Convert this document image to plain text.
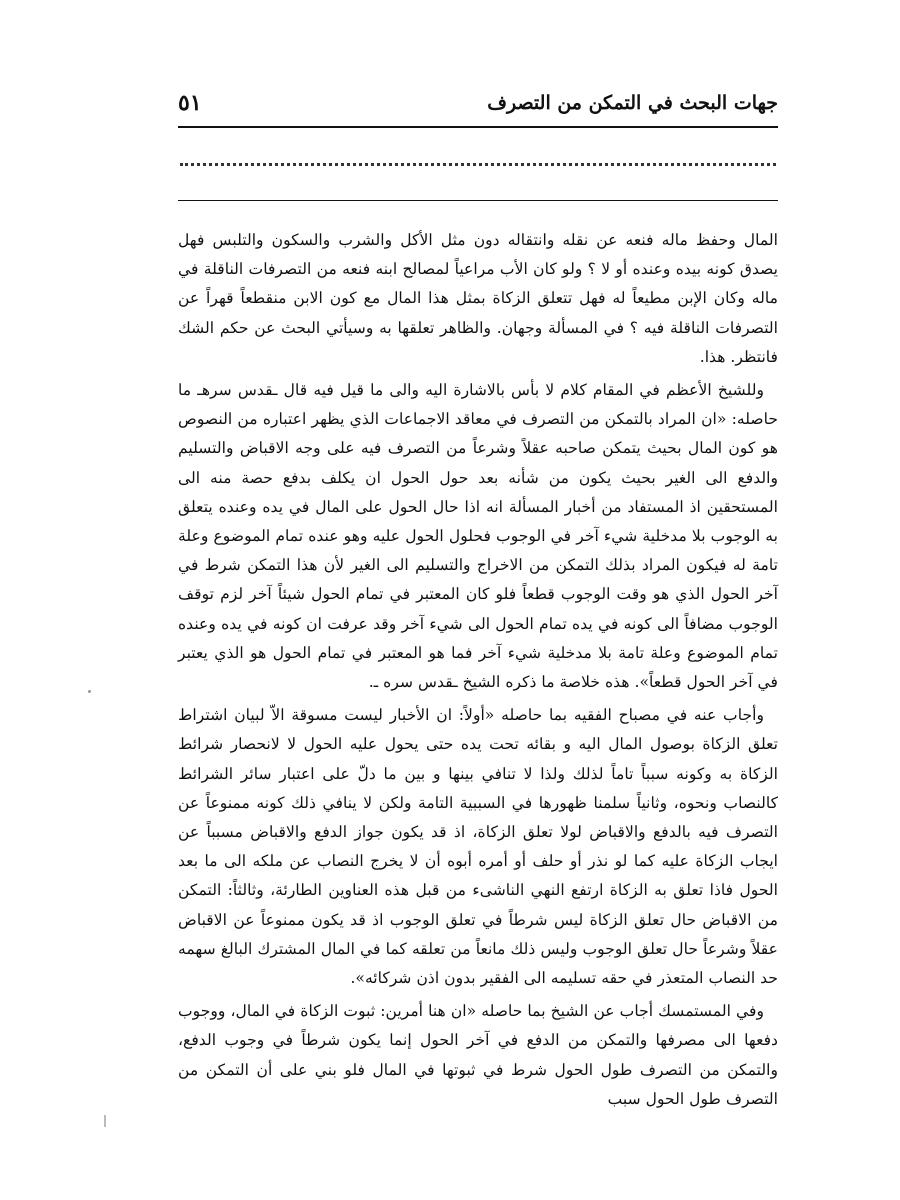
جهات البحث في التمكن من التصرف
٥١

المال وحفظ ماله فنعه عن نقله وانتقاله دون مثل الأكل والشرب والسكون والتلبس فهل يصدق كونه بيده وعنده أو لا ؟ ولو كان الأب مراعياً لمصالح ابنه فنعه من التصرفات الناقلة في ماله وكان الإبن مطيعاً له فهل تتعلق الزكاة بمثل هذا المال مع كون الابن منقطعاً قهراً عن التصرفات الناقلة فيه ؟ في المسألة وجهان. والظاهر تعلقها به وسيأتي البحث عن حكم الشك فانتظر. هذا.

وللشيخ الأعظم في المقام كلام لا بأس بالاشارة اليه والى ما قيل فيه قال ـقدس سرهـ ما حاصله: «ان المراد بالتمكن من التصرف في معاقد الاجماعات الذي يظهر اعتباره من النصوص هو كون المال بحيث يتمكن صاحبه عقلاً وشرعاً من التصرف فيه على وجه الاقباض والتسليم والدفع الى الغير بحيث يكون من شأنه بعد حول الحول ان يكلف بدفع حصة منه الى المستحقين اذ المستفاد من أخبار المسألة انه اذا حال الحول على المال في يده وعنده يتعلق به الوجوب بلا مدخلية شيء آخر في الوجوب فحلول الحول عليه وهو عنده تمام الموضوع وعلة تامة له فيكون المراد بذلك التمكن من الاخراج والتسليم الى الغير لأن هذا التمكن شرط في آخر الحول الذي هو وقت الوجوب قطعاً فلو كان المعتبر في تمام الحول شيئاً آخر لزم توقف الوجوب مضافاً الى كونه في يده تمام الحول الى شيء آخر وقد عرفت ان كونه في يده وعنده تمام الموضوع وعلة تامة بلا مدخلية شيء آخر فما هو المعتبر في تمام الحول هو الذي يعتبر في آخر الحول قطعاً». هذه خلاصة ما ذكره الشيخ ـقدس سره ـ.

وأجاب عنه في مصباح الفقيه بما حاصله «أولاً: ان الأخبار ليست مسوقة الاّ لبيان اشتراط تعلق الزكاة بوصول المال اليه و بقائه تحت يده حتى يحول عليه الحول لا لانحصار شرائط الزكاة به وكونه سبباً تاماً لذلك ولذا لا تنافي بينها و بين ما دلّ على اعتبار سائر الشرائط كالنصاب ونحوه، وثانياً سلمنا ظهورها في السببية التامة ولكن لا ينافي ذلك كونه ممنوعاً عن التصرف فيه بالدفع والاقباض لولا تعلق الزكاة، اذ قد يكون جواز الدفع والاقباض مسبباً عن ايجاب الزكاة عليه كما لو نذر أو حلف أو أمره أبوه أن لا يخرج النصاب عن ملكه الى ما بعد الحول فاذا تعلق به الزكاة ارتفع النهي الناشىء من قبل هذه العناوين الطارئة، وثالثاً: التمكن من الاقباض حال تعلق الزكاة ليس شرطاً في تعلق الوجوب اذ قد يكون ممنوعاً عن الاقباض عقلاً وشرعاً حال تعلق الوجوب وليس ذلك مانعاً من تعلقه كما في المال المشترك البالغ سهمه حد النصاب المتعذر في حقه تسليمه الى الفقير بدون اذن شركائه».

وفي المستمسك أجاب عن الشيخ بما حاصله «ان هنا أمرين: ثبوت الزكاة في المال، ووجوب دفعها الى مصرفها والتمكن من الدفع في آخر الحول إنما يكون شرطاً في وجوب الدفع، والتمكن من التصرف طول الحول شرط في ثبوتها في المال فلو بني على أن التمكن من التصرف طول الحول سبب
